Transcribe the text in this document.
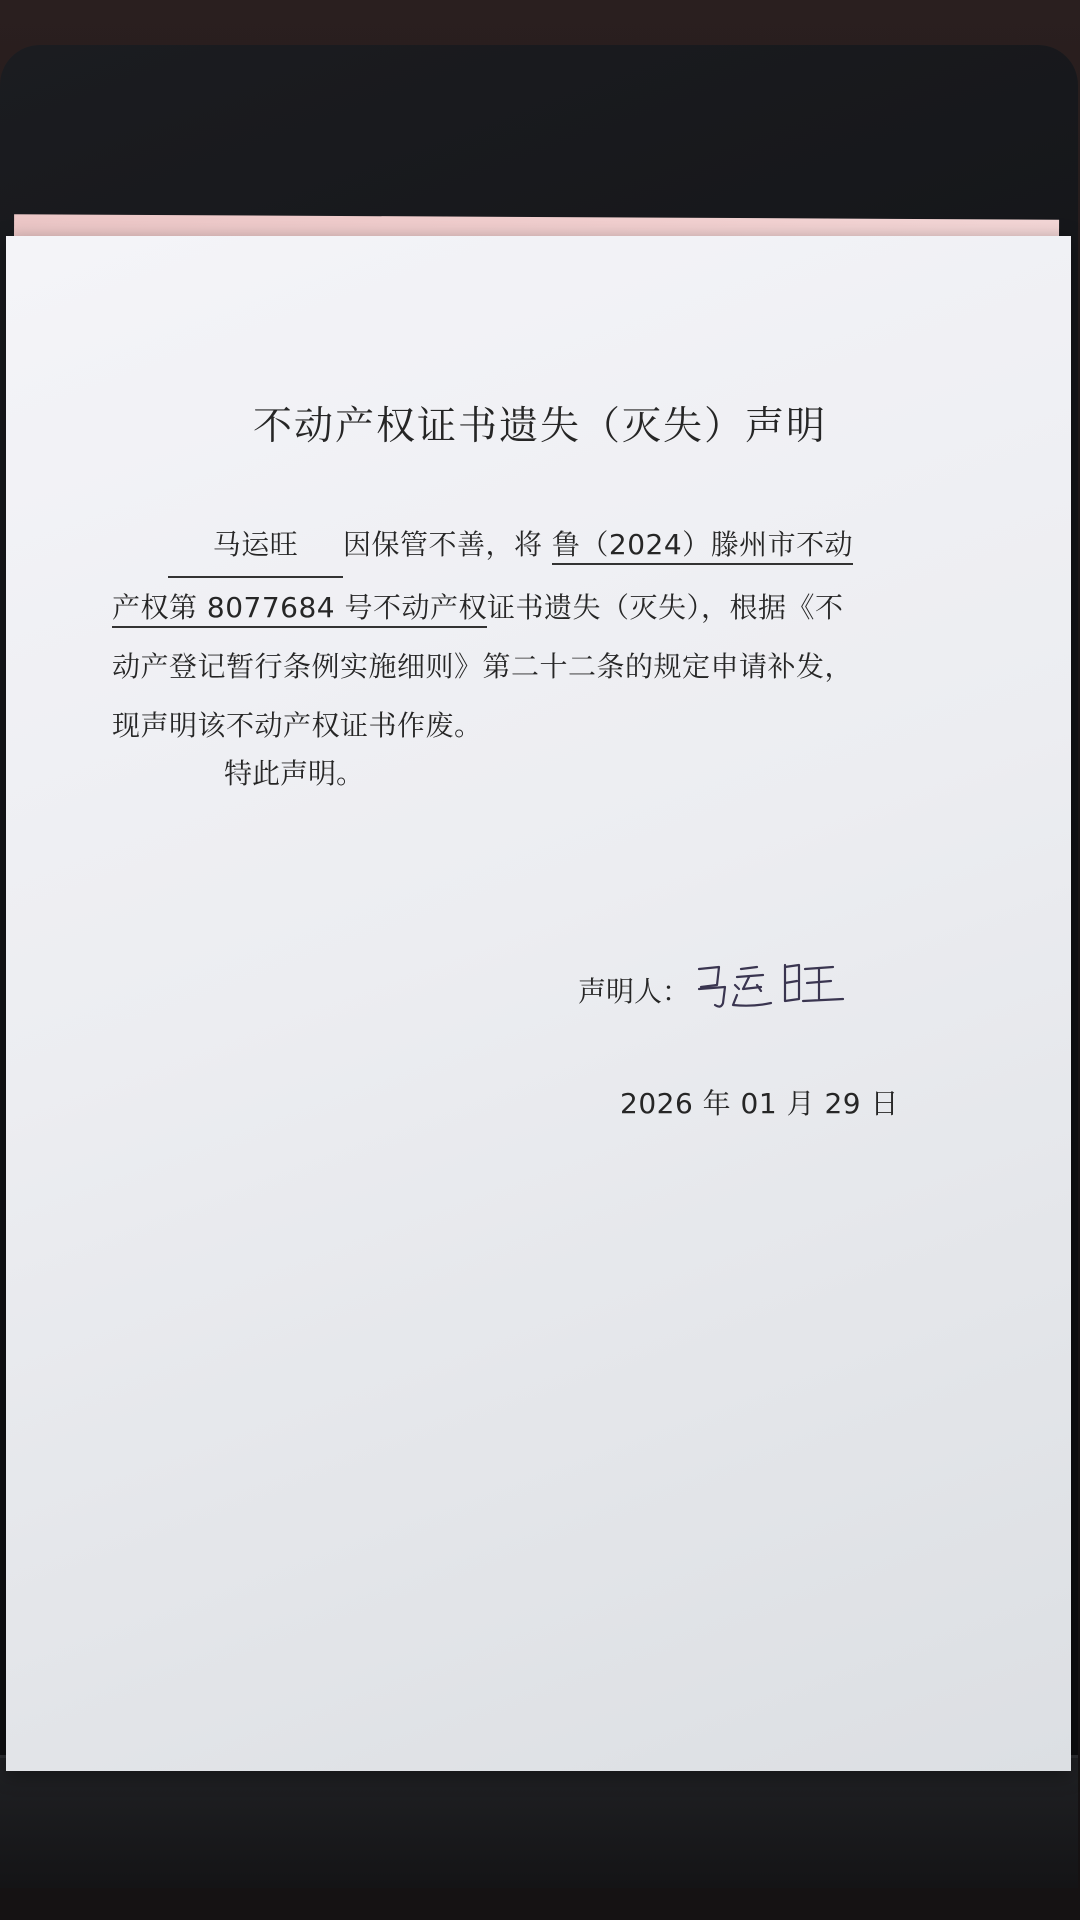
不动产权证书遗失（灭失）声明
马运旺 因保管不善，将 鲁（2024）滕州市不动
产权第 8077684 号不动产权证书遗失（灭失），根据《不
动产登记暂行条例实施细则》第二十二条的规定申请补发，
现声明该不动产权证书作废。
特此声明。
声明人：
2026 年 01 月 29 日
